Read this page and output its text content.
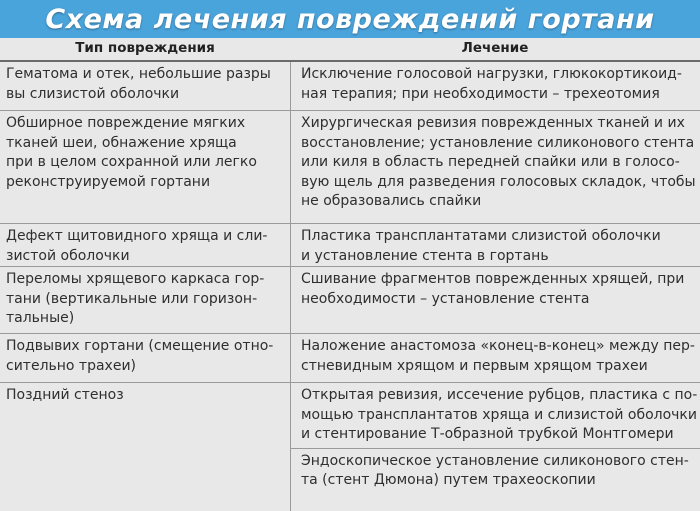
Схема лечения повреждений гортани
Тип повреждения	Лечение
Гематома и отек, небольшие разры
вы слизистой оболочки
Исключение голосовой нагрузки, глюкокортикоид-
ная терапия; при необходимости – трехеотомия
Обширное повреждение мягких
тканей шеи, обнажение хряща
при в целом сохранной или легко
реконструируемой гортани
Хирургическая ревизия поврежденных тканей и их
восстановление; установление силиконового стента
или киля в область передней спайки или в голосо-
вую щель для разведения голосовых складок, чтобы
не образовались спайки
Дефект щитовидного хряща и сли-
зистой оболочки
Пластика трансплантатами слизистой оболочки
и установление стента в гортань
Переломы хрящевого каркаса гор-
тани (вертикальные или горизон-
тальные)
Сшивание фрагментов поврежденных хрящей, при
необходимости – установление стента
Подвывих гортани (смещение отно-
сительно трахеи)
Наложение анастомоза «конец-в-конец» между пер-
стневидным хрящом и первым хрящом трахеи
Поздний стеноз	Открытая ревизия, иссечение рубцов, пластика с по-
мощью трансплантатов хряща и слизистой оболочки
и стентирование Т-образной трубкой Монтгомери
Эндоскопическое установление силиконового стен-
та (стент Дюмона) путем трахеоскопии
